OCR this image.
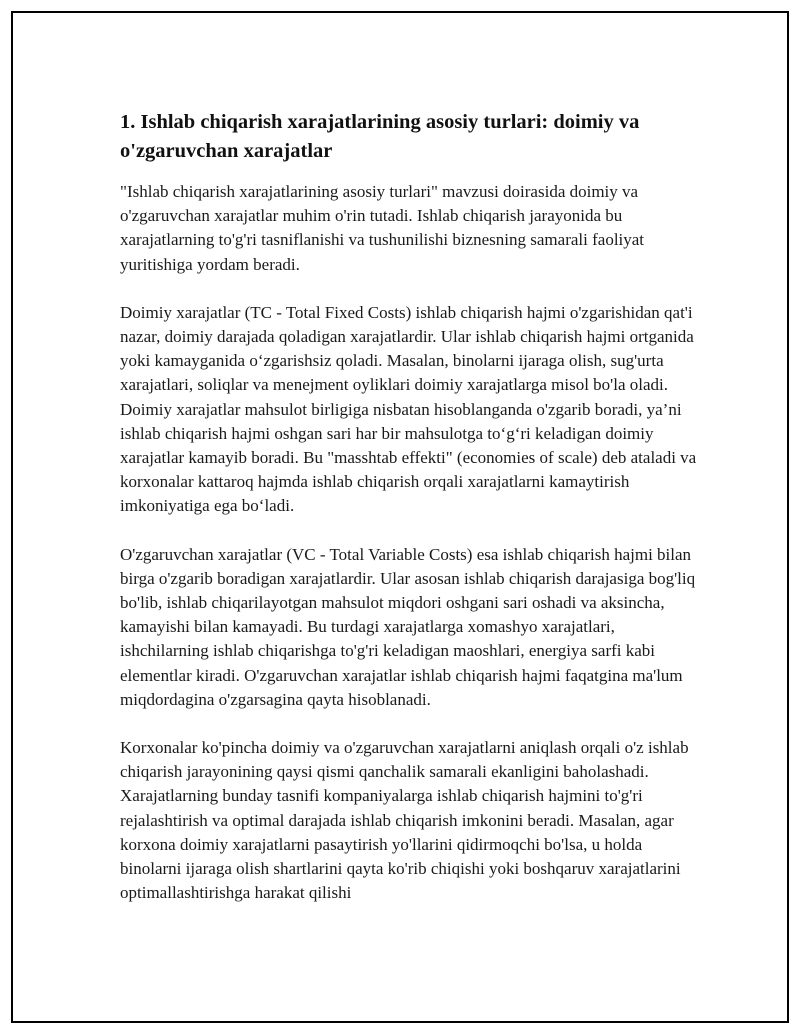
1. Ishlab chiqarish xarajatlarining asosiy turlari: doimiy va o'zgaruvchan xarajatlar

"Ishlab chiqarish xarajatlarining asosiy turlari" mavzusi doirasida doimiy va o'zgaruvchan xarajatlar muhim o'rin tutadi. Ishlab chiqarish jarayonida bu xarajatlarning to'g'ri tasniflanishi va tushunilishi biznesning samarali faoliyat yuritishiga yordam beradi.

Doimiy xarajatlar (TC - Total Fixed Costs) ishlab chiqarish hajmi o'zgarishidan qat'i nazar, doimiy darajada qoladigan xarajatlardir. Ular ishlab chiqarish hajmi ortganida yoki kamayganida o‘zgarishsiz qoladi. Masalan, binolarni ijaraga olish, sug'urta xarajatlari, soliqlar va menejment oyliklari doimiy xarajatlarga misol bo'la oladi. Doimiy xarajatlar mahsulot birligiga nisbatan hisoblanganda o'zgarib boradi, ya’ni ishlab chiqarish hajmi oshgan sari har bir mahsulotga to‘g‘ri keladigan doimiy xarajatlar kamayib boradi. Bu "masshtab effekti" (economies of scale) deb ataladi va korxonalar kattaroq hajmda ishlab chiqarish orqali xarajatlarni kamaytirish imkoniyatiga ega bo‘ladi.

O'zgaruvchan xarajatlar (VC - Total Variable Costs) esa ishlab chiqarish hajmi bilan birga o'zgarib boradigan xarajatlardir. Ular asosan ishlab chiqarish darajasiga bog'liq bo'lib, ishlab chiqarilayotgan mahsulot miqdori oshgani sari oshadi va aksincha, kamayishi bilan kamayadi. Bu turdagi xarajatlarga xomashyo xarajatlari, ishchilarning ishlab chiqarishga to'g'ri keladigan maoshlari, energiya sarfi kabi elementlar kiradi. O'zgaruvchan xarajatlar ishlab chiqarish hajmi faqatgina ma'lum miqdordagina o'zgarsagina qayta hisoblanadi.

Korxonalar ko'pincha doimiy va o'zgaruvchan xarajatlarni aniqlash orqali o'z ishlab chiqarish jarayonining qaysi qismi qanchalik samarali ekanligini baholashadi. Xarajatlarning bunday tasnifi kompaniyalarga ishlab chiqarish hajmini to'g'ri rejalashtirish va optimal darajada ishlab chiqarish imkonini beradi. Masalan, agar korxona doimiy xarajatlarni pasaytirish yo'llarini qidirmoqchi bo'lsa, u holda binolarni ijaraga olish shartlarini qayta ko'rib chiqishi yoki boshqaruv xarajatlarini optimallashtirishga harakat qilishi
